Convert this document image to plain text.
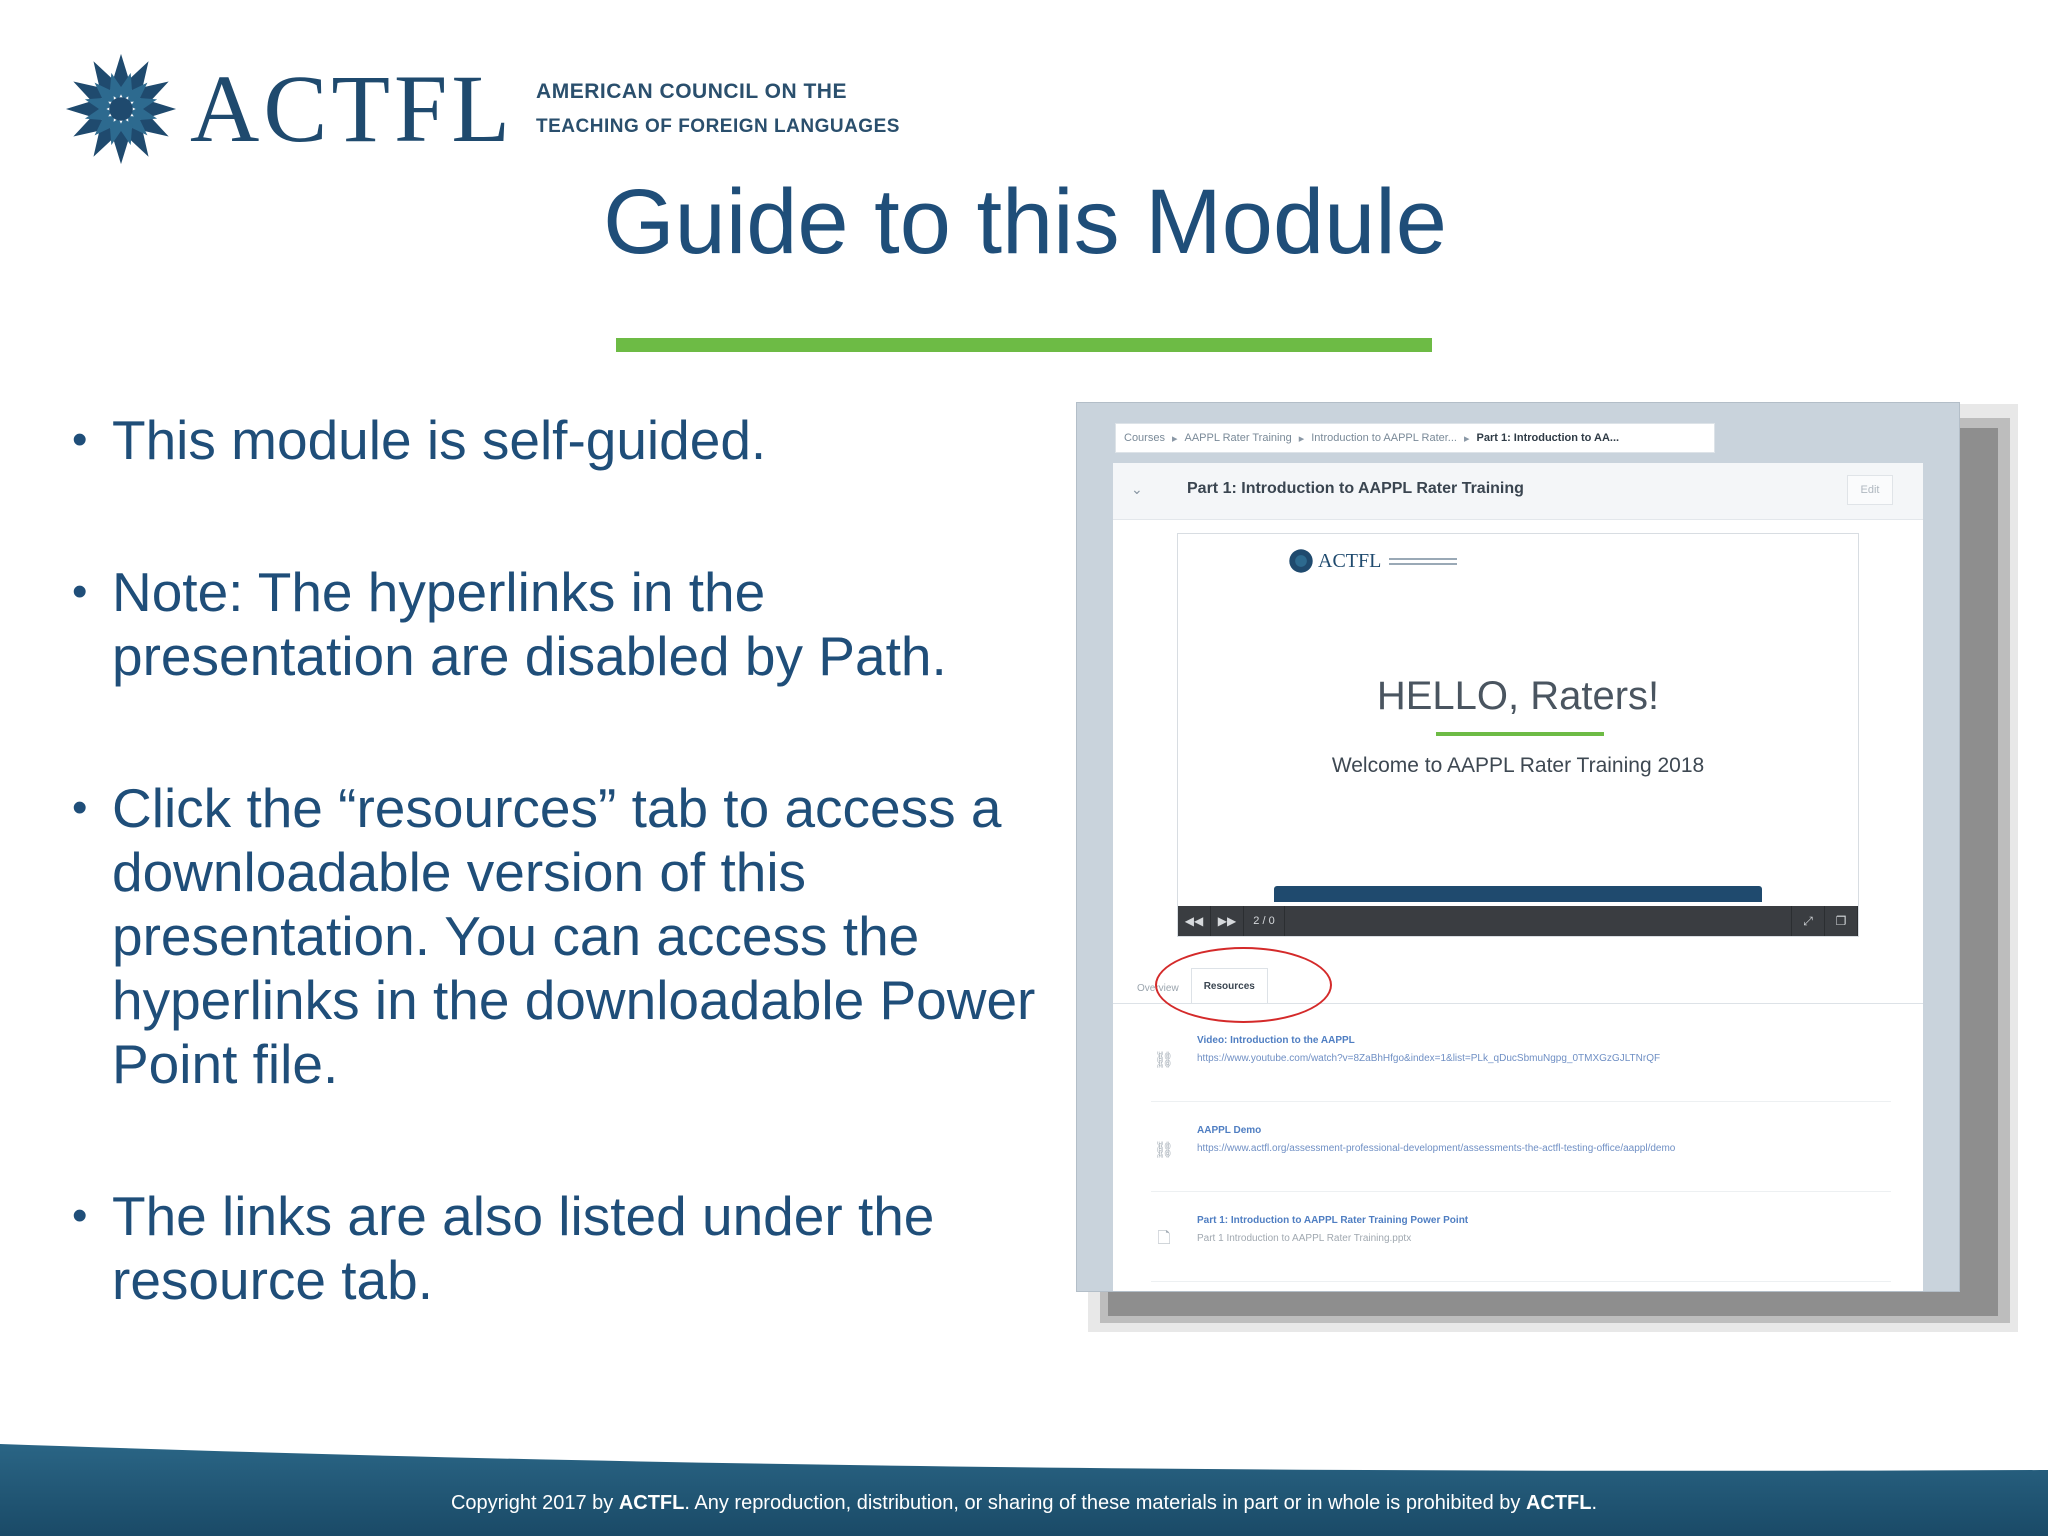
ACTFL AMERICAN COUNCIL ON THE
TEACHING OF FOREIGN LANGUAGES
Guide to this Module
• This module is self-guided.
• Note: The hyperlinks in the presentation are disabled by Path.
• Click the “resources” tab to access a downloadable version of this presentation. You can access the hyperlinks in the downloadable Power Point file.
• The links are also listed under the resource tab.
Courses ▸ AAPPL Rater Training ▸ Introduction to AAPPL Rater... ▸ Part 1: Introduction to AA...
⌄	Part 1: Introduction to AAPPL Rater Training	Edit
ACTFL
HELLO, Raters!
Welcome to AAPPL Rater Training 2018
◀◀	▶▶	2 / 0	⤢	❐
Overview	Resources
⛓
Video: Introduction to the AAPPL
https://www.youtube.com/watch?v=8ZaBhHfgo&index=1&list=PLk_qDucSbmuNgpg_0TMXGzGJLTNrQF
⛓
AAPPL Demo
https://www.actfl.org/assessment-professional-development/assessments-the-actfl-testing-office/aappl/demo
🗋
Part 1: Introduction to AAPPL Rater Training Power Point
Part 1 Introduction to AAPPL Rater Training.pptx
Copyright 2017 by ACTFL. Any reproduction, distribution, or sharing of these materials in part or in whole is prohibited by ACTFL.
